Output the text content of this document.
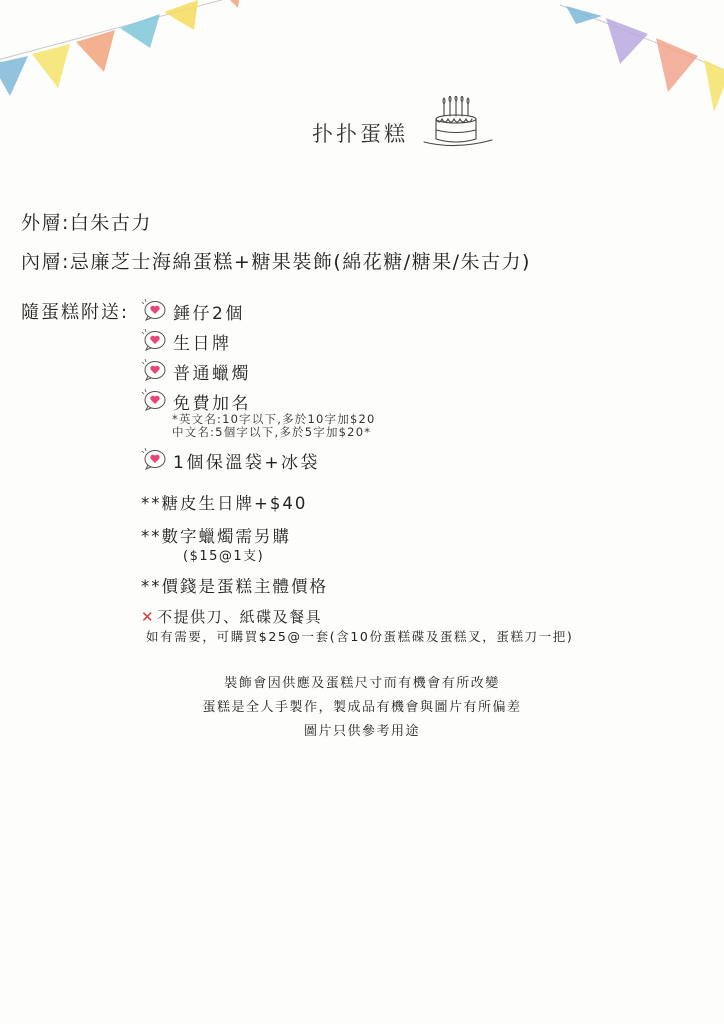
扑扑蛋糕
外層:白朱古力
內層:忌廉芝士海綿蛋糕+糖果裝飾(綿花糖/糖果/朱古力)
隨蛋糕附送:	錘仔2個
生日牌
普通蠟燭
免費加名
*英文名:10字以下,多於10字加$20
中文名:5個字以下,多於5字加$20*
1個保溫袋+冰袋
**糖皮生日牌+$40
**數字蠟燭需另購
($15@1支)
**價錢是蛋糕主體價格
✕ 不提供刀、紙碟及餐具
如有需要，可購買$25@一套(含10份蛋糕碟及蛋糕叉，蛋糕刀一把)
裝飾會因供應及蛋糕尺寸而有機會有所改變
蛋糕是全人手製作，製成品有機會與圖片有所偏差
圖片只供參考用途
